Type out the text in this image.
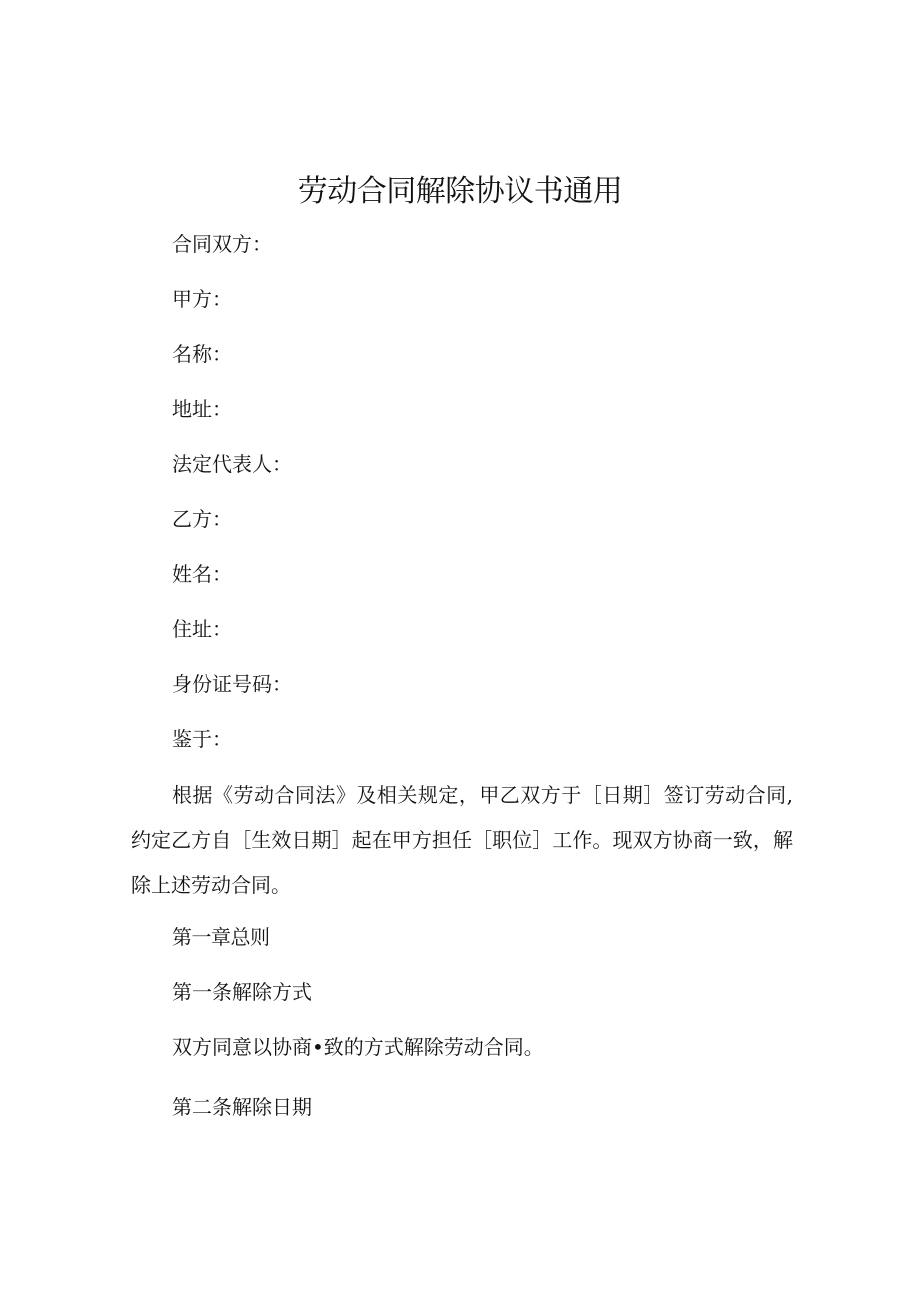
劳动合同解除协议书通用

合同双方：

甲方：

名称：

地址：

法定代表人：

乙方：

姓名：

住址：

身份证号码：

鉴于：

根据《劳动合同法》及相关规定，甲乙双方于［日期］签订劳动合同,约定乙方自［生效日期］起在甲方担任［职位］工作。现双方协商一致，解除上述劳动合同。

第一章总则

第一条解除方式

双方同意以协商•致的方式解除劳动合同。

第二条解除日期
